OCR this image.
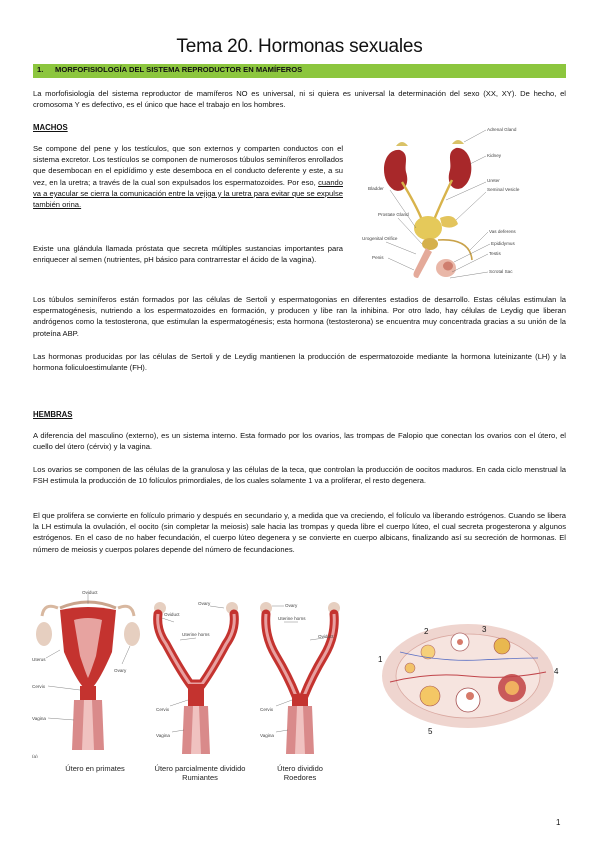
Tema 20. Hormonas sexuales
1. MORFOFISIOLOGÍA DEL SISTEMA REPRODUCTOR EN MAMÍFEROS

La morfofisiología del sistema reproductor de mamíferos NO es universal, ni si quiera es universal la determinación del sexo (XX, XY). De hecho, el cromosoma Y es defectivo, es el único que hace el trabajo en los hombres.

MACHOS

Se compone del pene y los testículos, que son externos y comparten conductos con el sistema excretor. Los testículos se componen de numerosos túbulos seminíferos enrollados que desembocan en el epidídimo y este desemboca en el conducto deferente y este, a su vez, en la uretra; a través de la cual son expulsados los espermatozoides. Por eso, cuando va a eyacular se cierra la comunicación entre la vejiga y la uretra para evitar que se expulse también orina.

Existe una glándula llamada próstata que secreta múltiples sustancias importantes para enriquecer al semen (nutrientes, pH básico para contrarrestar el ácido de la vagina).

Adrenal Gland
Kidney
Ureter
Seminal Vesicle
Bladder
Prostate Gland
Vas deferens
Urogenital Orifice
Epididymus
Testis
Penis
Scrotal Sac

Los túbulos seminíferos están formados por las células de Sertoli y espermatogonias en diferentes estadios de desarrollo. Estas células estimulan la espermatogénesis, nutriendo a los espermatozoides en formación, y producen y libe ran la inhibina. Por otro lado, hay células de Leydig que liberan andrógenos como la testosterona, que estimulan la espermatogénesis; esta hormona (testosterona) se encuentra muy concentrada gracias a su unión de la proteína ABP.

Las hormonas producidas por las células de Sertoli y de Leydig mantienen la producción de espermatozoide mediante la hormona luteinizante (LH) y la hormona foliculoestimulante (FH).

HEMBRAS

A diferencia del masculino (externo), es un sistema interno. Esta formado por los ovarios, las trompas de Falopio que conectan los ovarios con el útero, el cuello del útero (cérvix) y la vagina.

Los ovarios se componen de las células de la granulosa y las células de la teca, que controlan la producción de oocitos maduros. En cada ciclo menstrual la FSH estimula la producción de 10 folículos primordiales, de los cuales solamente 1 va a proliferar, el resto degenera.

El que prolifera se convierte en folículo primario y después en secundario y, a medida que va creciendo, el folículo va liberando estrógenos. Cuando se libera la LH estimula la ovulación, el oocito (sin completar la meiosis) sale hacia las trompas y queda libre el cuerpo lúteo, el cual secreta progesterona y algunos estrógenos. En el caso de no haber fecundación, el cuerpo lúteo degenera y se convierte en cuerpo albicans, finalizando así su secreción de hormonas. El número de meiosis y cuerpos polares depende del número de fecundaciones.

Oviduct
Uterus
Cervix
Vagina
Ovary
(a)
Útero en primates
Ovary
Oviduct
Uterine horns
Cervix
Vagina
Útero parcialmente dividido
Rumiantes
Ovary
Uterine horns
Oviduct
Cervix
Vagina
Útero dividido
Roedores
1
2	3
4
5
1
